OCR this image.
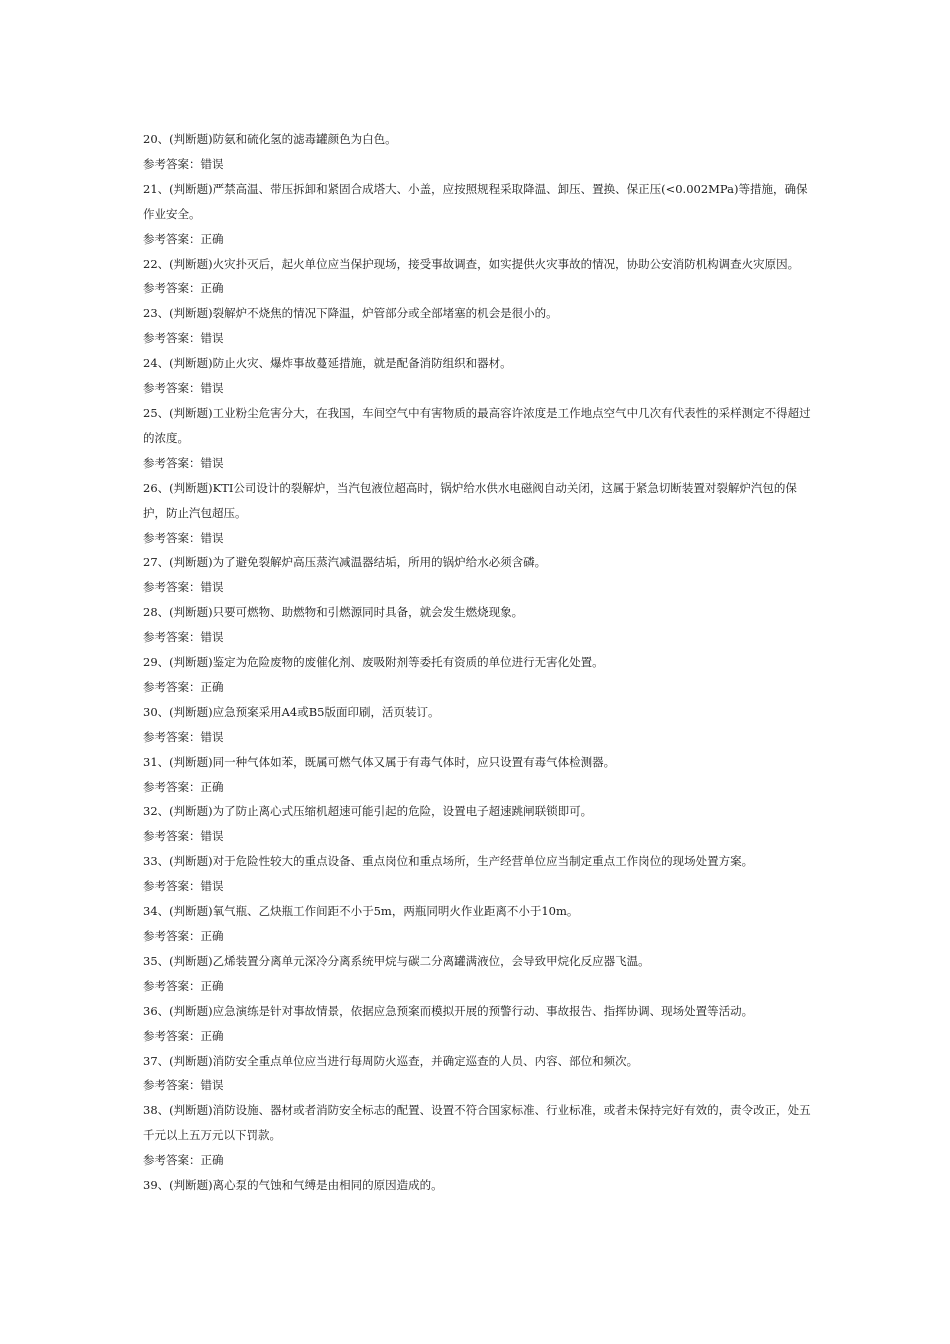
20、(判断题)防氨和硫化氢的滤毒罐颜色为白色。
参考答案：错误
21、(判断题)严禁高温、带压拆卸和紧固合成塔大、小盖，应按照规程采取降温、卸压、置换、保正压(<0.002MPa)等措施，确保作业安全。
参考答案：正确
22、(判断题)火灾扑灭后，起火单位应当保护现场，接受事故调查，如实提供火灾事故的情况，协助公安消防机构调查火灾原因。
参考答案：正确
23、(判断题)裂解炉不烧焦的情况下降温，炉管部分或全部堵塞的机会是很小的。
参考答案：错误
24、(判断题)防止火灾、爆炸事故蔓延措施，就是配备消防组织和器材。
参考答案：错误
25、(判断题)工业粉尘危害分大，在我国，车间空气中有害物质的最高容许浓度是工作地点空气中几次有代表性的采样测定不得超过的浓度。
参考答案：错误
26、(判断题)KTI公司设计的裂解炉，当汽包液位超高时，锅炉给水供水电磁阀自动关闭，这属于紧急切断装置对裂解炉汽包的保护，防止汽包超压。
参考答案：错误
27、(判断题)为了避免裂解炉高压蒸汽减温器结垢，所用的锅炉给水必须含磷。
参考答案：错误
28、(判断题)只要可燃物、助燃物和引燃源同时具备，就会发生燃烧现象。
参考答案：错误
29、(判断题)鉴定为危险废物的废催化剂、废吸附剂等委托有资质的单位进行无害化处置。
参考答案：正确
30、(判断题)应急预案采用A4或B5版面印刷，活页装订。
参考答案：错误
31、(判断题)同一种气体如苯，既属可燃气体又属于有毒气体时，应只设置有毒气体检测器。
参考答案：正确
32、(判断题)为了防止离心式压缩机超速可能引起的危险，设置电子超速跳闸联锁即可。
参考答案：错误
33、(判断题)对于危险性较大的重点设备、重点岗位和重点场所，生产经营单位应当制定重点工作岗位的现场处置方案。
参考答案：错误
34、(判断题)氧气瓶、乙炔瓶工作间距不小于5m，两瓶同明火作业距离不小于10m。
参考答案：正确
35、(判断题)乙烯装置分离单元深冷分离系统甲烷与碳二分离罐满液位，会导致甲烷化反应器飞温。
参考答案：正确
36、(判断题)应急演练是针对事故情景，依据应急预案而模拟开展的预警行动、事故报告、指挥协调、现场处置等活动。
参考答案：正确
37、(判断题)消防安全重点单位应当进行每周防火巡查，并确定巡查的人员、内容、部位和频次。
参考答案：错误
38、(判断题)消防设施、器材或者消防安全标志的配置、设置不符合国家标准、行业标准，或者未保持完好有效的，责令改正，处五千元以上五万元以下罚款。
参考答案：正确
39、(判断题)离心泵的气蚀和气缚是由相同的原因造成的。
